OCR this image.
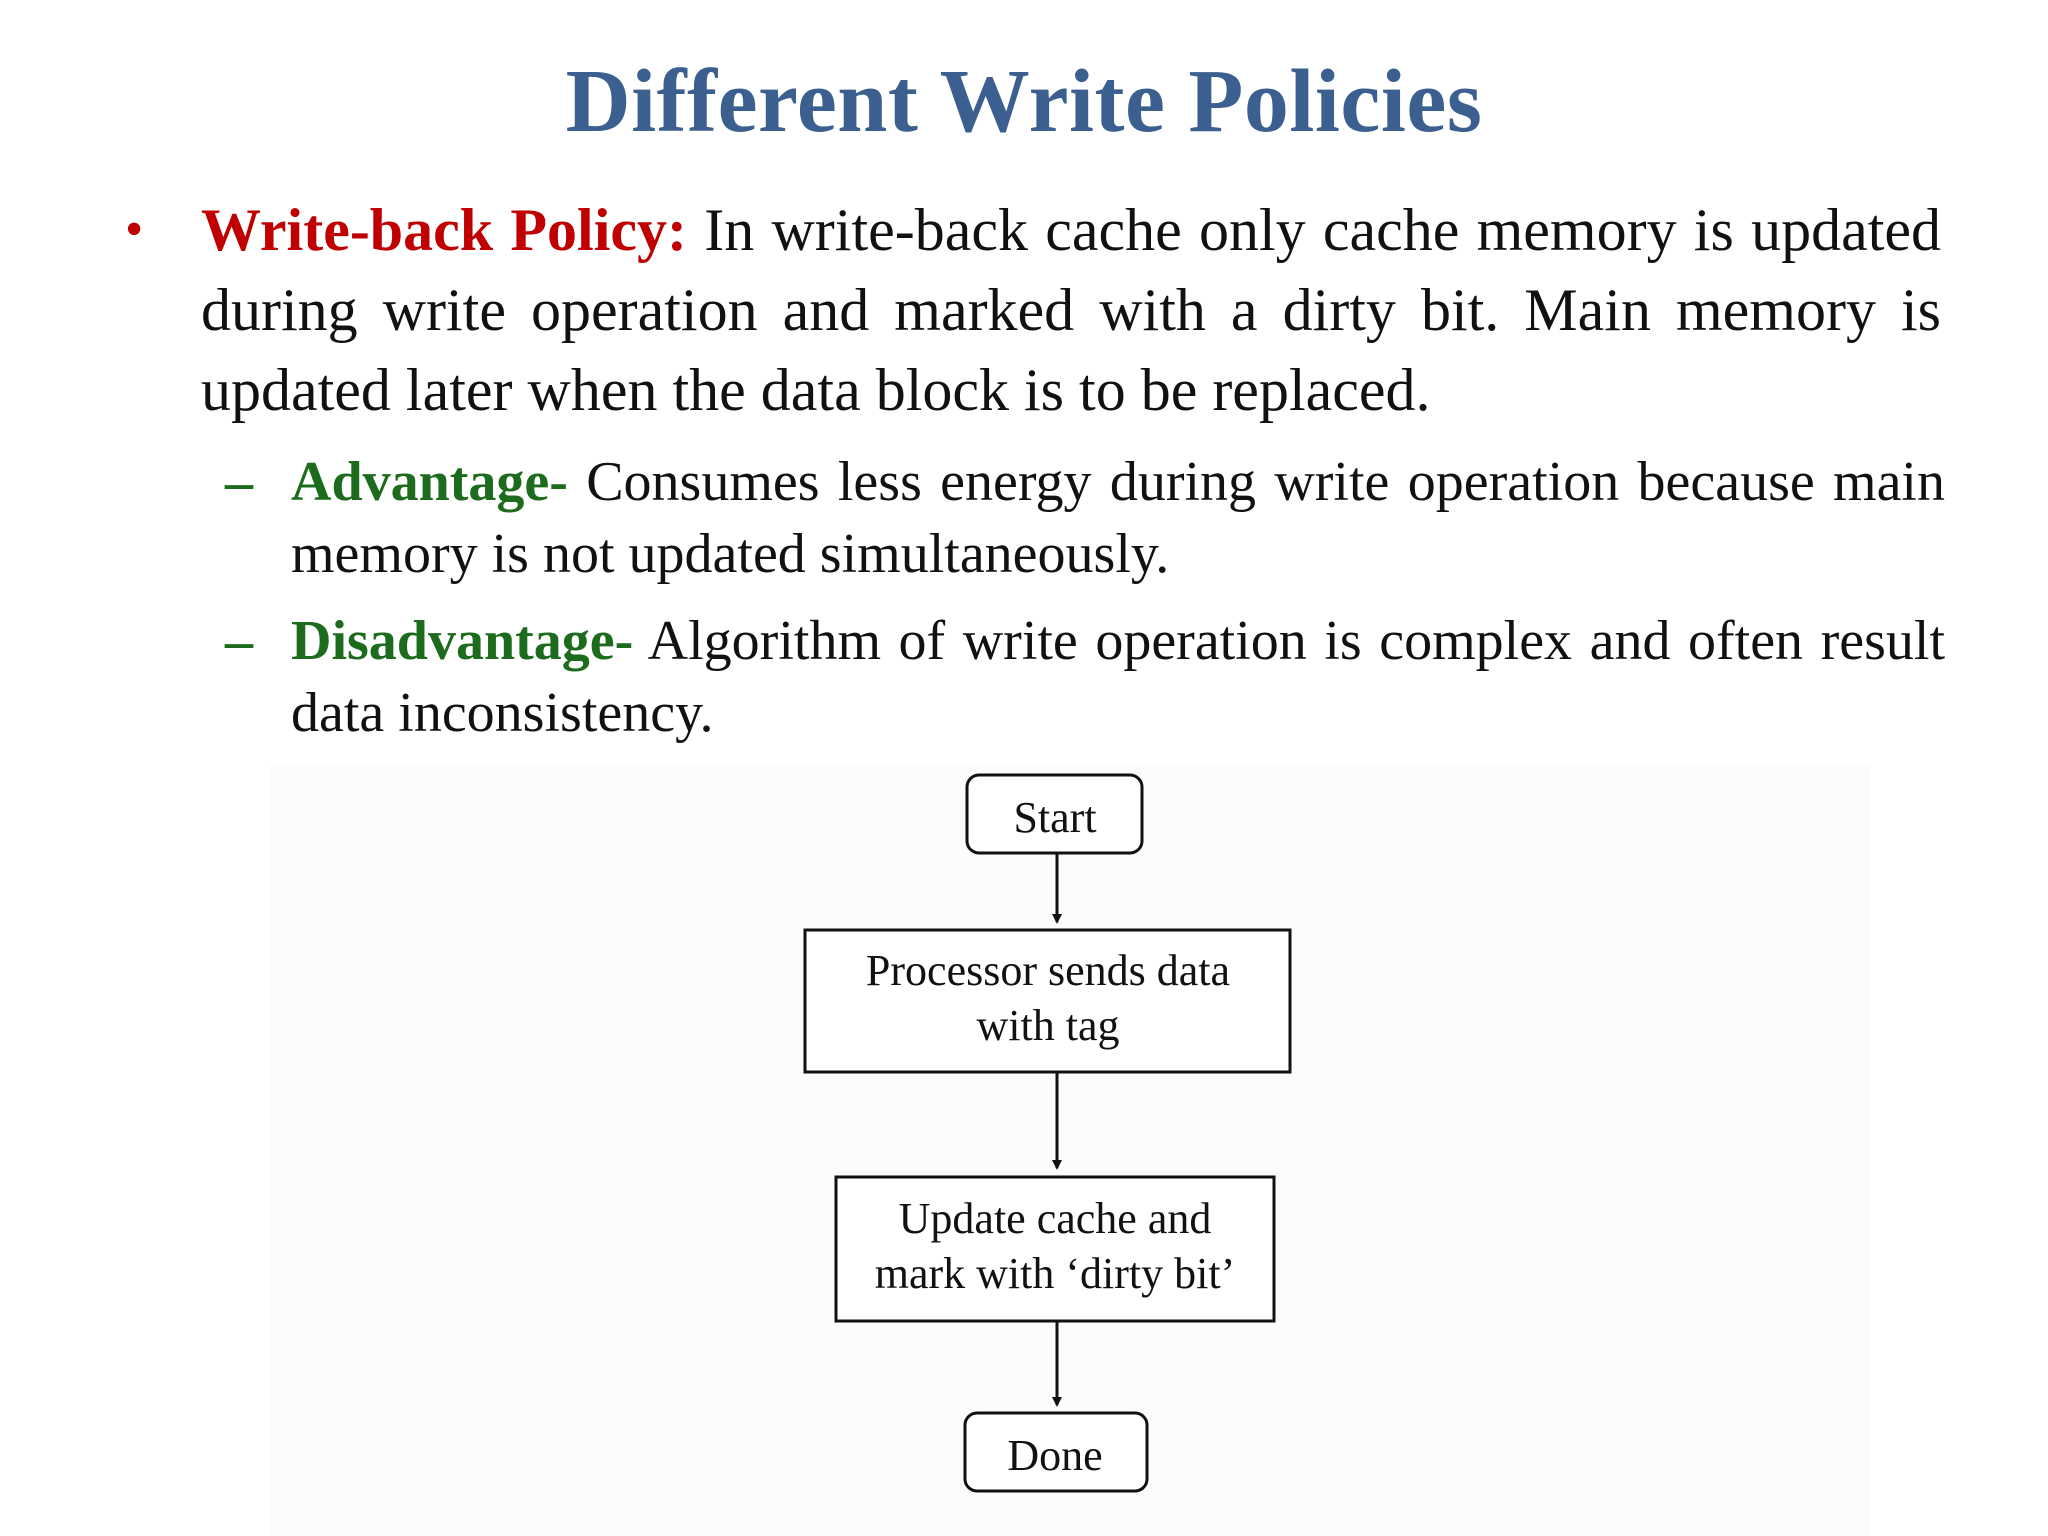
Different Write Policies
• Write-back Policy: In write-back cache only cache memory is updated during write operation and marked with a dirty bit. Main memory is updated later when the data block is to be replaced.
– Advantage- Consumes less energy during write operation because main memory is not updated simultaneously.
– Disadvantage- Algorithm of write operation is complex and often result data inconsistency.
Start
Processor sends data
with tag
Update cache and
mark with ‘dirty bit’
Done
